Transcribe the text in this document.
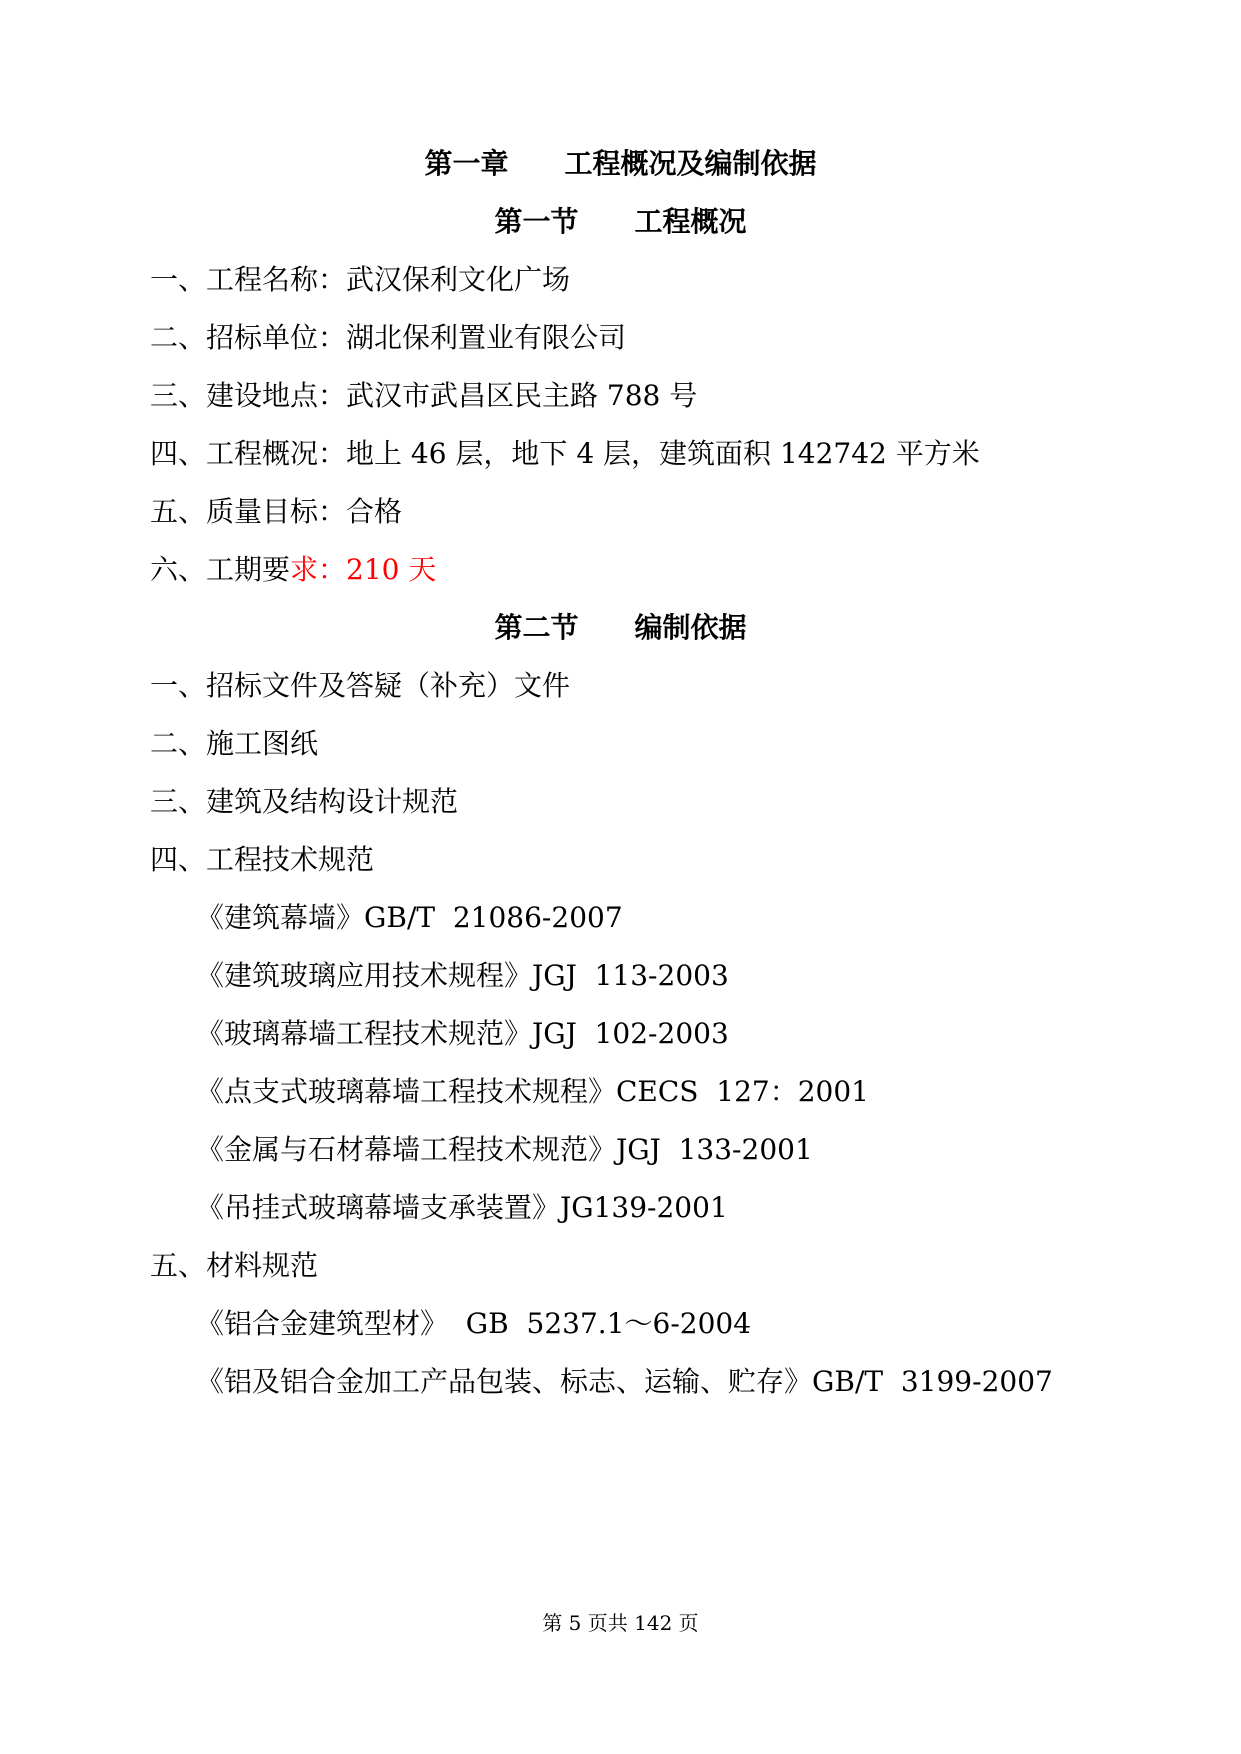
第一章　　工程概况及编制依据
第一节　　工程概况
一、工程名称：武汉保利文化广场
二、招标单位：湖北保利置业有限公司
三、建设地点：武汉市武昌区民主路 788 号
四、工程概况：地上 46 层，地下 4 层，建筑面积 142742 平方米
五、质量目标：合格
六、工期要求：210 天
第二节　　编制依据
一、招标文件及答疑（补充）文件
二、施工图纸
三、建筑及结构设计规范
四、工程技术规范
《建筑幕墙》GB/T  21086-2007
《建筑玻璃应用技术规程》JGJ  113-2003
《玻璃幕墙工程技术规范》JGJ  102-2003
《点支式玻璃幕墙工程技术规程》CECS  127：2001
《金属与石材幕墙工程技术规范》JGJ  133-2001
《吊挂式玻璃幕墙支承装置》JG139-2001
五、材料规范
《铝合金建筑型材》  GB  5237.1～6-2004
《铝及铝合金加工产品包装、标志、运输、贮存》GB/T  3199-2007
第 5 页共 142 页
